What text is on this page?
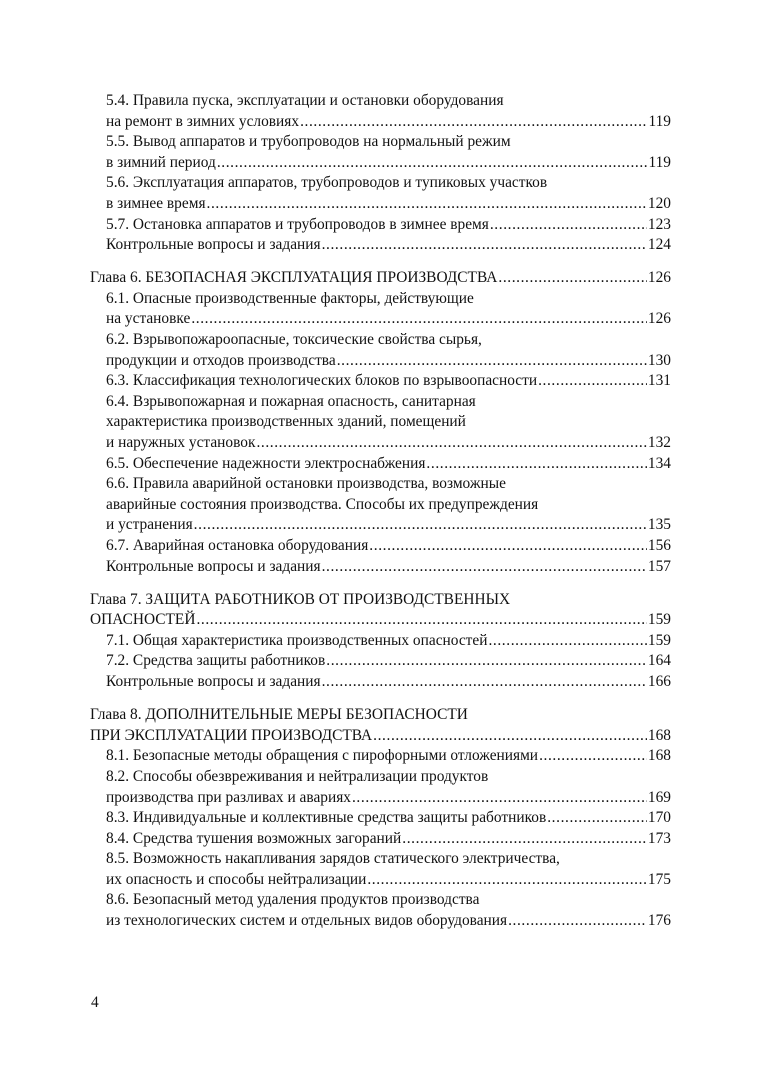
5.4. Правила пуска, эксплуатации и остановки оборудования
на ремонт в зимних условиях .....	119
5.5. Вывод аппаратов и трубопроводов на нормальный режим
в зимний период .....	119
5.6. Эксплуатация аппаратов, трубопроводов и тупиковых участков
в зимнее время .....	120
5.7. Остановка аппаратов и трубопроводов в зимнее время .....	123
Контрольные вопросы и задания .....	124
Глава 6. БЕЗОПАСНАЯ ЭКСПЛУАТАЦИЯ ПРОИЗВОДСТВА .....	126
6.1. Опасные производственные факторы, действующие
на установке .....	126
6.2. Взрывопожароопасные, токсические свойства сырья,
продукции и отходов производства .....	130
6.3. Классификация технологических блоков по взрывоопасности .....	131
6.4. Взрывопожарная и пожарная опасность, санитарная
характеристика производственных зданий, помещений
и наружных установок .....	132
6.5. Обеспечение надежности электроснабжения .....	134
6.6. Правила аварийной остановки производства, возможные
аварийные состояния производства. Способы их предупреждения
и устранения .....	135
6.7. Аварийная остановка оборудования .....	156
Контрольные вопросы и задания .....	157
Глава 7. ЗАЩИТА РАБОТНИКОВ ОТ ПРОИЗВОДСТВЕННЫХ
ОПАСНОСТЕЙ .....	159
7.1. Общая характеристика производственных опасностей .....	159
7.2. Средства защиты работников .....	164
Контрольные вопросы и задания .....	166
Глава 8. ДОПОЛНИТЕЛЬНЫЕ МЕРЫ БЕЗОПАСНОСТИ
ПРИ ЭКСПЛУАТАЦИИ ПРОИЗВОДСТВА .....	168
8.1. Безопасные методы обращения с пирофорными отложениями .....	168
8.2. Способы обезвреживания и нейтрализации продуктов
производства при разливах и авариях .....	169
8.3. Индивидуальные и коллективные средства защиты работников .....	170
8.4. Средства тушения возможных загораний .....	173
8.5. Возможность накапливания зарядов статического электричества,
их опасность и способы нейтрализации .....	175
8.6. Безопасный метод удаления продуктов производства
из технологических систем и отдельных видов оборудования .....	176
4
